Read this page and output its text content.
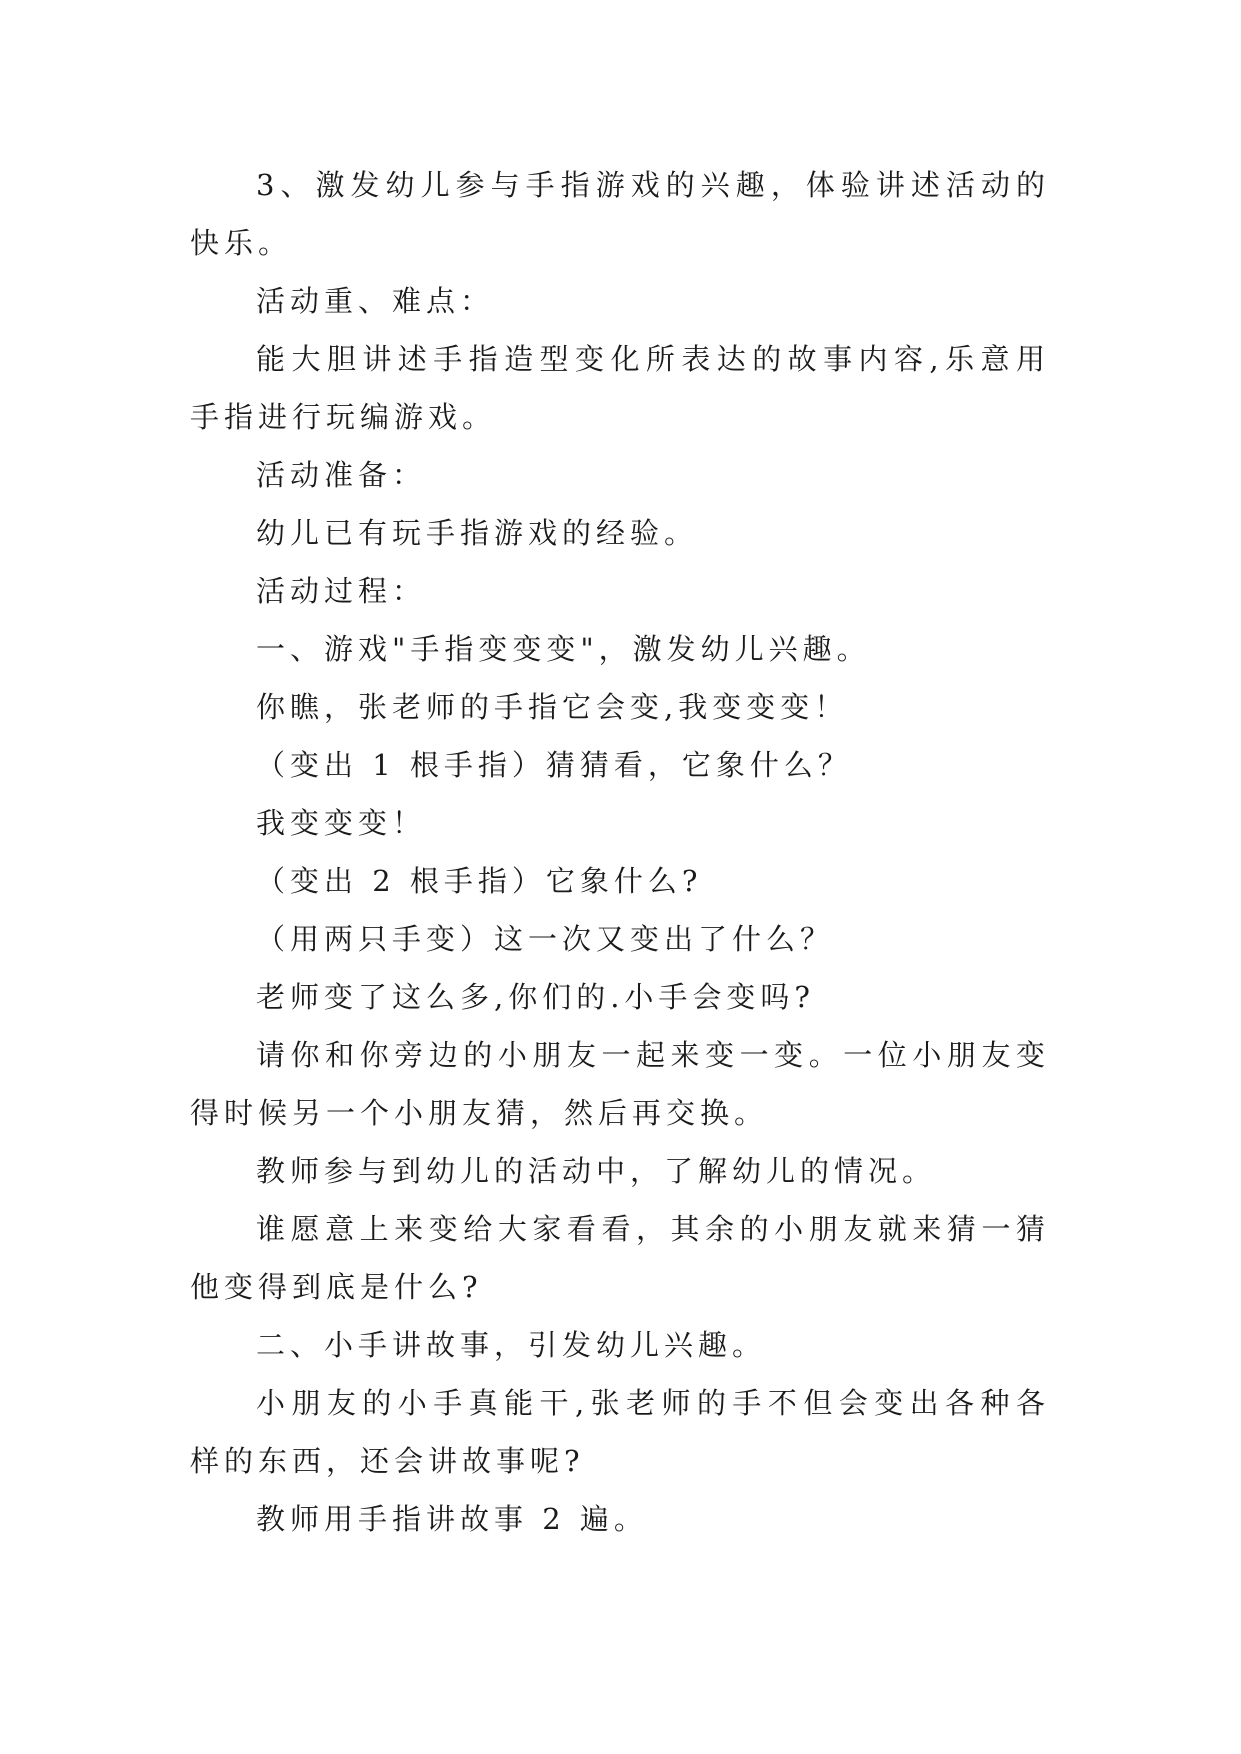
3、激发幼儿参与手指游戏的兴趣，体验讲述活动的快乐。

活动重、难点：

能大胆讲述手指造型变化所表达的故事内容,乐意用手指进行玩编游戏。

活动准备：

幼儿已有玩手指游戏的经验。

活动过程：

一、游戏"手指变变变"，激发幼儿兴趣。

你瞧，张老师的手指它会变,我变变变！

（变出 1 根手指）猜猜看，它象什么？

我变变变！

（变出 2 根手指）它象什么?

（用两只手变）这一次又变出了什么？

老师变了这么多,你们的.小手会变吗?

请你和你旁边的小朋友一起来变一变。一位小朋友变得时候另一个小朋友猜，然后再交换。

教师参与到幼儿的活动中，了解幼儿的情况。

谁愿意上来变给大家看看，其余的小朋友就来猜一猜他变得到底是什么?

二、小手讲故事，引发幼儿兴趣。

小朋友的小手真能干,张老师的手不但会变出各种各样的东西，还会讲故事呢?

教师用手指讲故事 2 遍。
